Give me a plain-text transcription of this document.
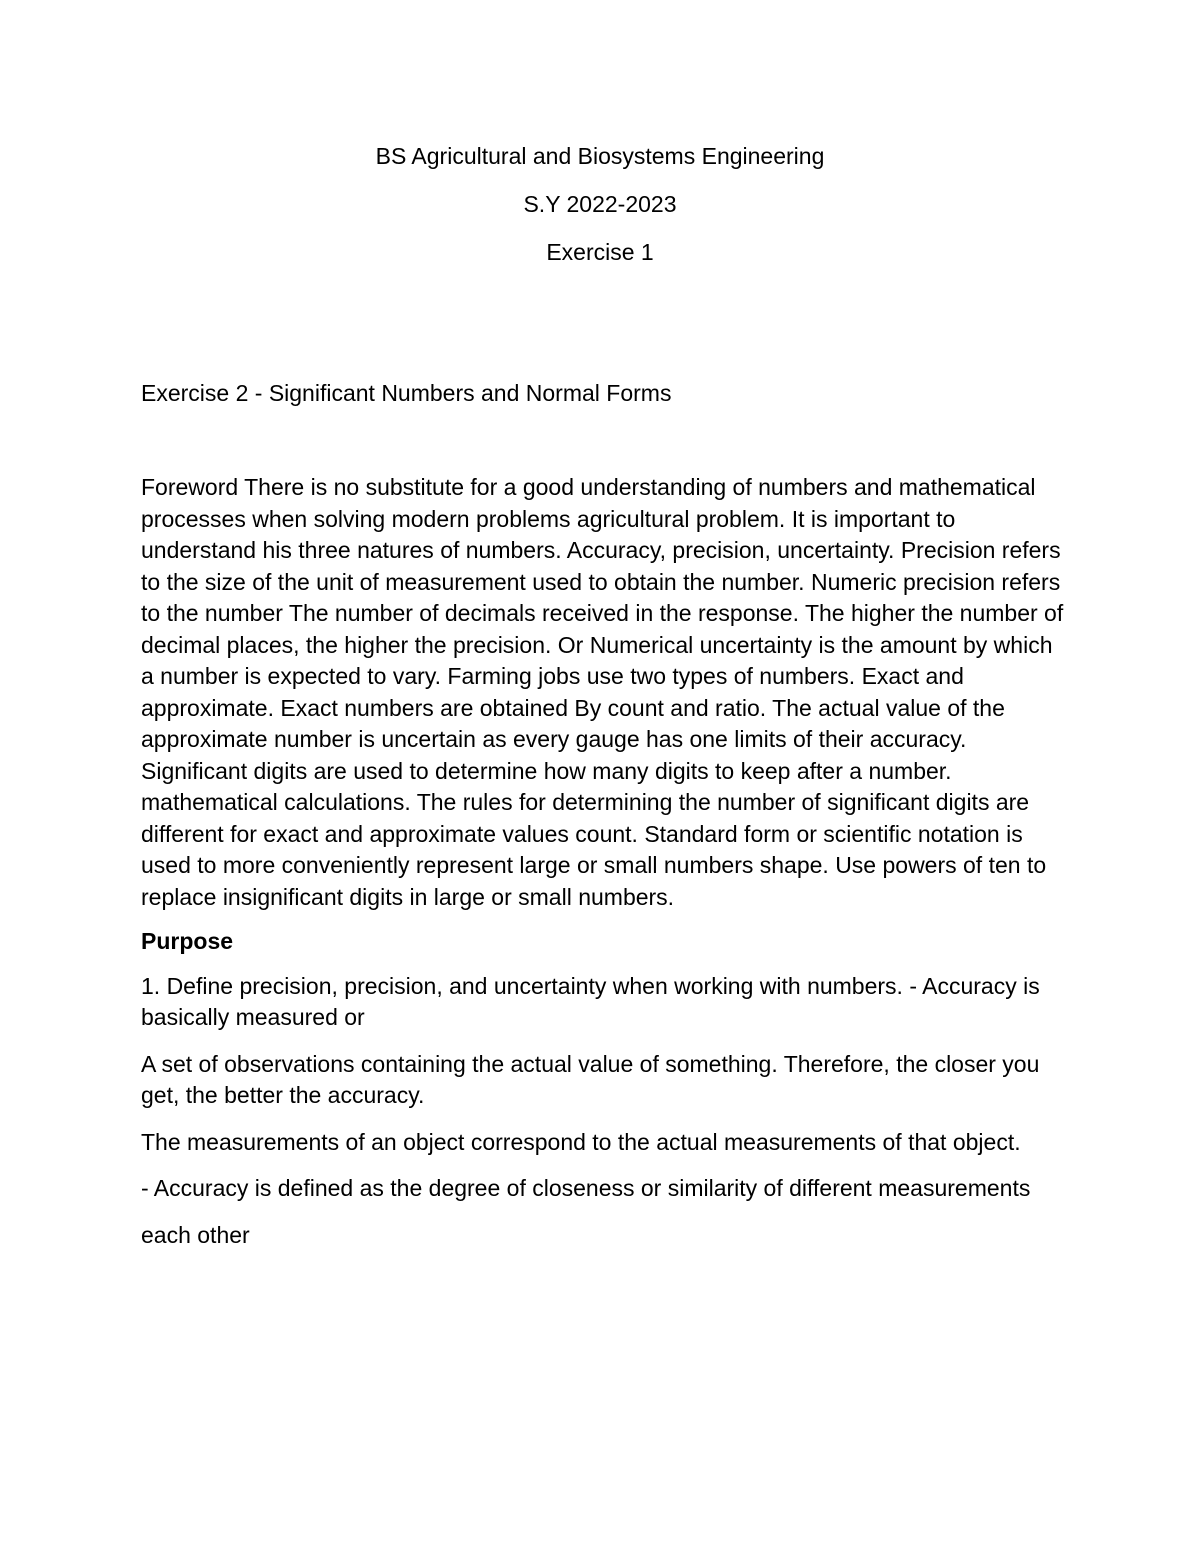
BS Agricultural and Biosystems Engineering

S.Y 2022-2023

Exercise 1

Exercise 2 - Significant Numbers and Normal Forms

Foreword There is no substitute for a good understanding of numbers and mathematical processes when solving modern problems agricultural problem. It is important to understand his three natures of numbers. Accuracy, precision, uncertainty. Precision refers to the size of the unit of measurement used to obtain the number. Numeric precision refers to the number The number of decimals received in the response. The higher the number of decimal places, the higher the precision. Or Numerical uncertainty is the amount by which a number is expected to vary. Farming jobs use two types of numbers. Exact and approximate. Exact numbers are obtained By count and ratio. The actual value of the approximate number is uncertain as every gauge has one limits of their accuracy. Significant digits are used to determine how many digits to keep after a number. mathematical calculations. The rules for determining the number of significant digits are different for exact and approximate values count. Standard form or scientific notation is used to more conveniently represent large or small numbers shape. Use powers of ten to replace insignificant digits in large or small numbers.

Purpose

1. Define precision, precision, and uncertainty when working with numbers. - Accuracy is basically measured or

A set of observations containing the actual value of something. Therefore, the closer you get, the better the accuracy.

The measurements of an object correspond to the actual measurements of that object.

- Accuracy is defined as the degree of closeness or similarity of different measurements

each other
